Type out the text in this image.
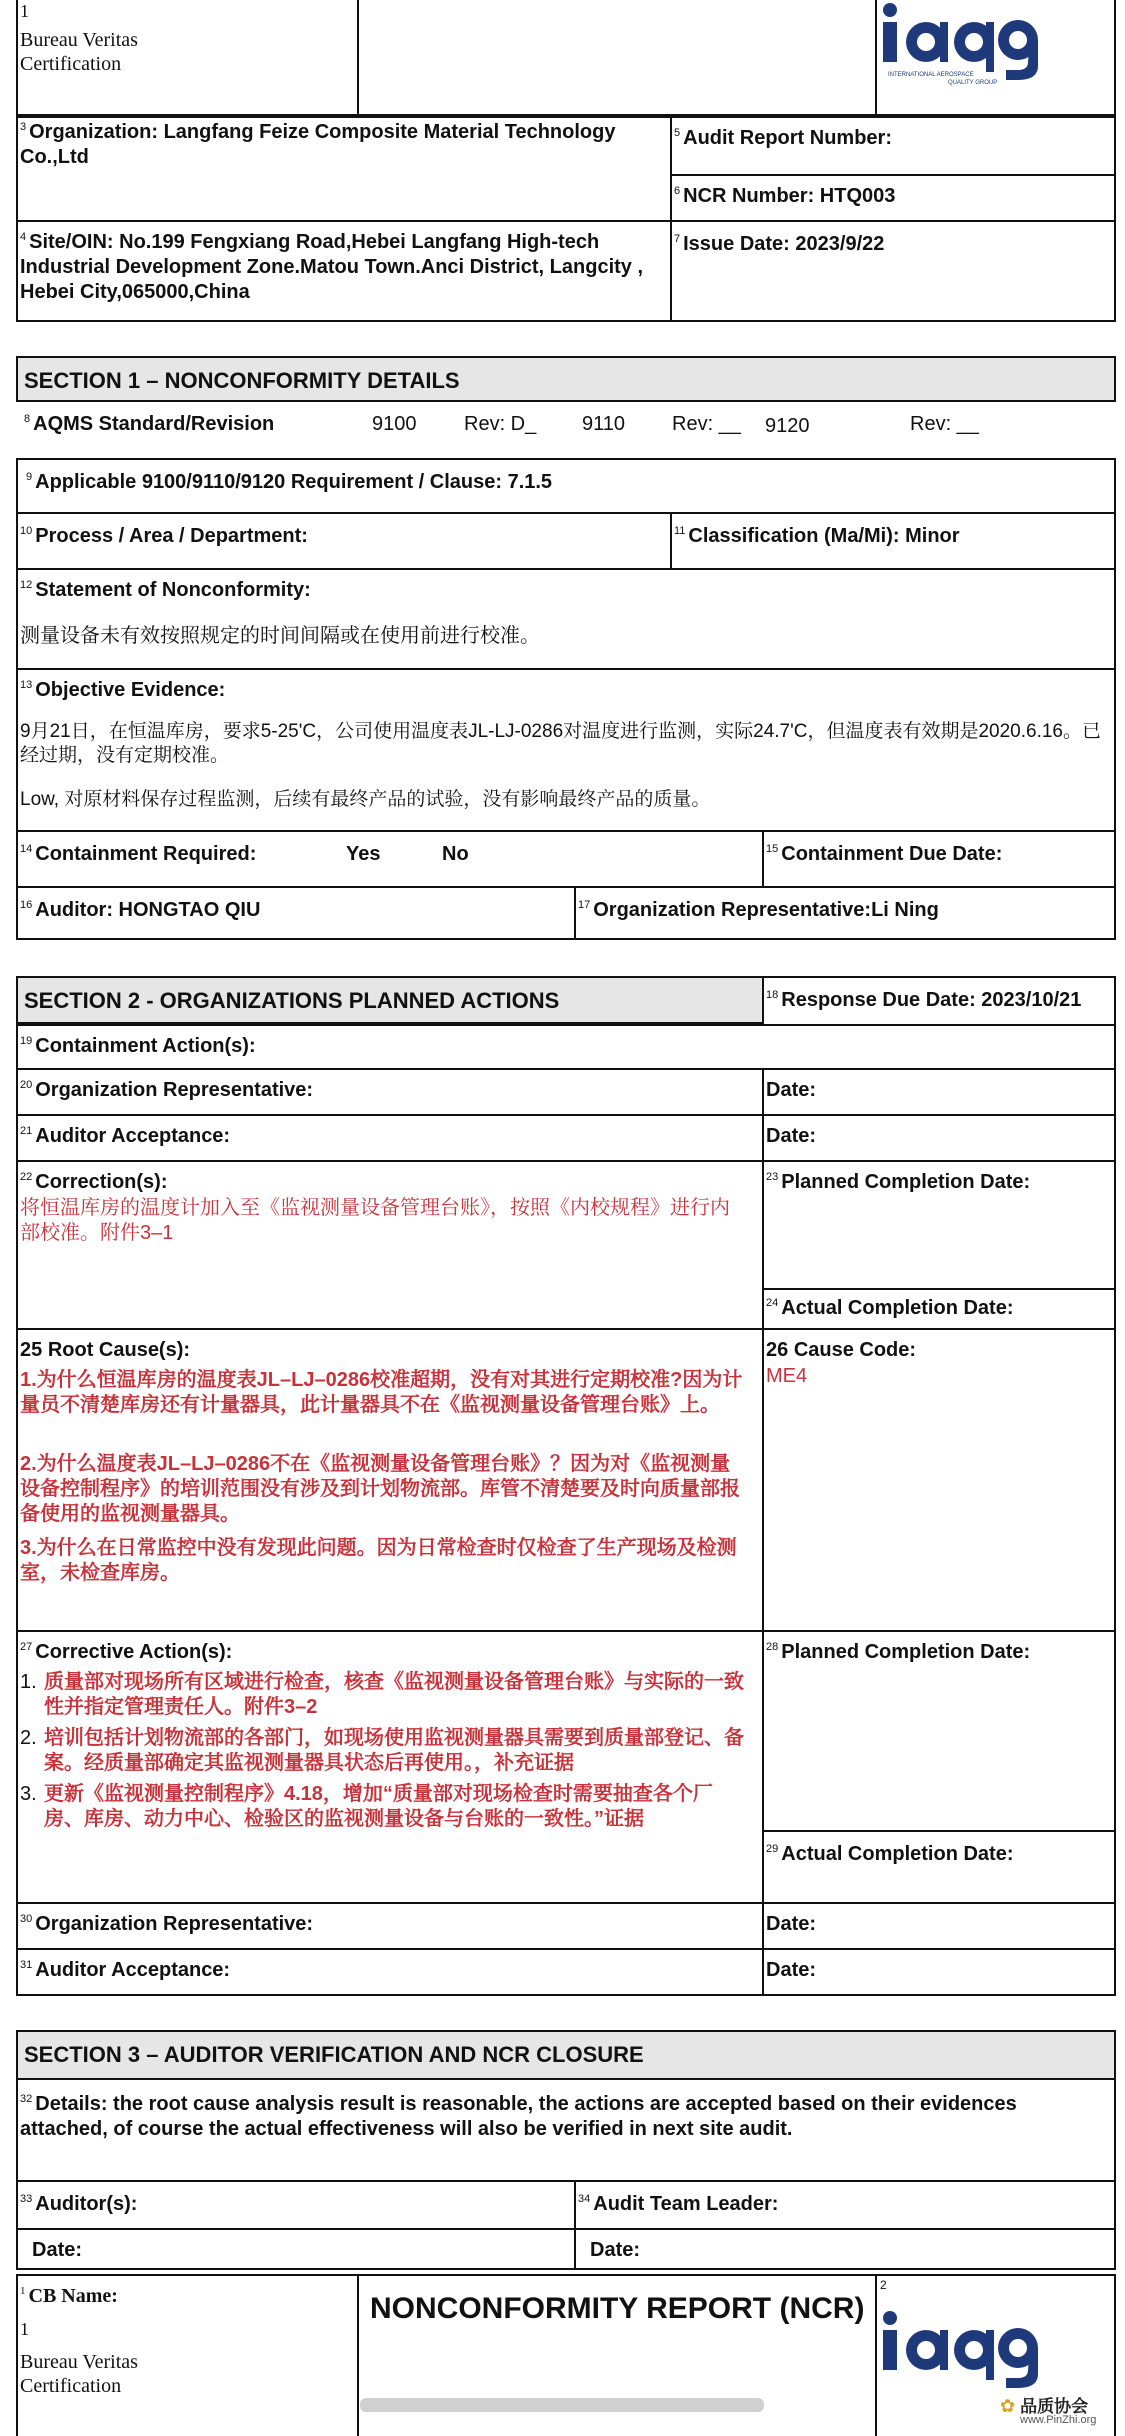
1
Bureau Veritas
Certification	INTERNATIONAL AEROSPACE
QUALITY GROUP
$^3$ Organization: Langfang Feize Composite Material Technology Co.,Ltd
$^5$ Audit Report Number:
$^6$ NCR Number: HTQ003
$^4$ Site/OIN: No.199 Fengxiang Road,Hebei Langfang High-tech Industrial Development Zone.Matou Town.Anci District, Langcity , Hebei City,065000,China
$^7$ Issue Date: 2023/9/22
SECTION 1 – NONCONFORMITY DETAILS
$^8$ AQMS Standard/Revision	9100 Rev: D_ 9110 Rev: __ 9120	Rev: __
$^9$ Applicable 9100/9110/9120 Requirement / Clause: 7.1.5
$^{10}$ Process / Area / Department:	$^{11}$ Classification (Ma/Mi): Minor
$^{12}$ Statement of Nonconformity:
测量设备未有效按照规定的时间间隔或在使用前进行校准。
$^{13}$ Objective Evidence:
9月21日，在恒温库房，要求5-25'C，公司使用温度表JL-LJ-0286对温度进行监测，实际24.7'C，但温度表有效期是2020.6.16。已经过期，没有定期校准。
Low, 对原材料保存过程监测，后续有最终产品的试验，没有影响最终产品的质量。
$^{14}$ Containment Required:	Yes	No	$^{15}$ Containment Due Date:
$^{16}$ Auditor: HONGTAO QIU	$^{17}$ Organization Representative:Li Ning
SECTION 2 - ORGANIZATIONS PLANNED ACTIONS	$^{18}$ Response Due Date: 2023/10/21
$^{19}$ Containment Action(s):
$^{20}$ Organization Representative:	Date:
$^{21}$ Auditor Acceptance:	Date:
$^{22}$ Correction(s):
将恒温库房的温度计加入至《监视测量设备管理台账》，按照《内校规程》进行内部校准。附件3–1
$^{23}$ Planned Completion Date:
$^{24}$ Actual Completion Date:
25 Root Cause(s):
1.为什么恒温库房的温度表JL–LJ–0286校准超期，没有对其进行定期校准?因为计量员不清楚库房还有计量器具，此计量器具不在《监视测量设备管理台账》上。
2.为什么温度表JL–LJ–0286不在《监视测量设备管理台账》？因为对《监视测量设备控制程序》的培训范围没有涉及到计划物流部。库管不清楚要及时向质量部报备使用的监视测量器具。
3.为什么在日常监控中没有发现此问题。因为日常检查时仅检查了生产现场及检测室，未检查库房。
26 Cause Code:
ME4
$^{27}$ Corrective Action(s):
1. 质量部对现场所有区域进行检查，核查《监视测量设备管理台账》与实际的一致性并指定管理责任人。附件3–2
2. 培训包括计划物流部的各部门，如现场使用监视测量器具需要到质量部登记、备案。经质量部确定其监视测量器具状态后再使用。，补充证据
3. 更新《监视测量控制程序》4.18，增加“质量部对现场检查时需要抽查各个厂房、库房、动力中心、检验区的监视测量设备与台账的一致性。”证据
$^{28}$ Planned Completion Date:
$^{29}$ Actual Completion Date:
$^{30}$ Organization Representative:	Date:
$^{31}$ Auditor Acceptance:	Date:
SECTION 3 – AUDITOR VERIFICATION AND NCR CLOSURE
$^{32}$ Details: the root cause analysis result is reasonable, the actions are accepted based on their evidences attached, of course the actual effectiveness will also be verified in next site audit.
$^{33}$ Auditor(s):	$^{34}$ Audit Team Leader:
Date:	Date:
$^1$ CB Name:
1
Bureau Veritas
Certification
NONCONFORMITY REPORT (NCR)
2
✿ 品质协会
www.PinZhi.org
